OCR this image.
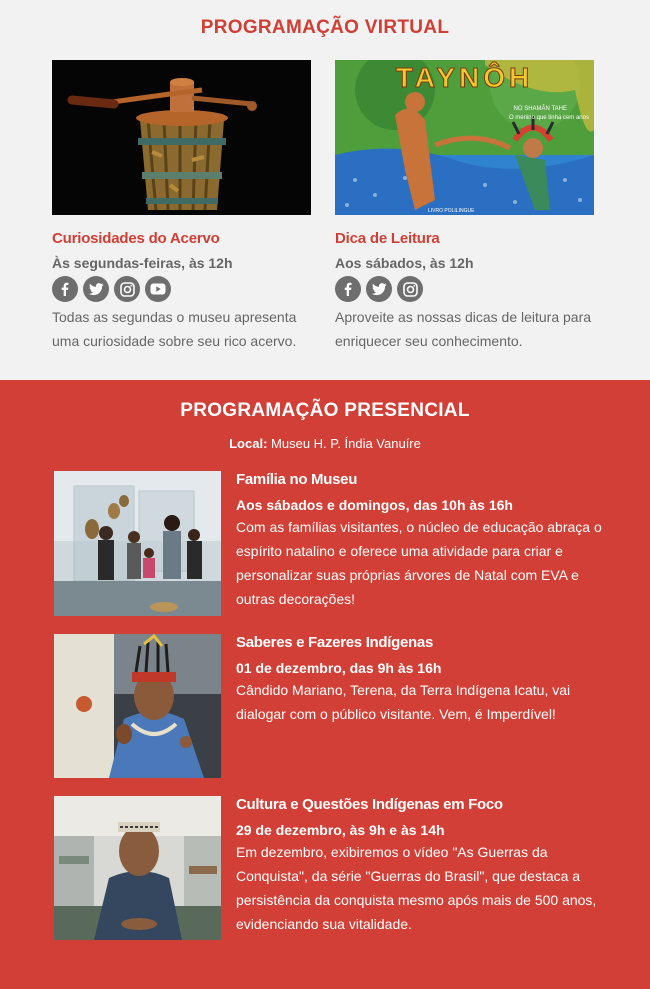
PROGRAMAÇÃO VIRTUAL
Curiosidades do Acervo
Às segundas-feiras, às 12h
Todas as segundas o museu apresenta uma curiosidade sobre seu rico acervo.
TAYNÔH
NO SHAMÃN TAHE
O menino que tinha cem anos
LIVRO POLILINGUE
Dica de Leitura
Aos sábados, às 12h
Aproveite as nossas dicas de leitura para enriquecer seu conhecimento.
PROGRAMAÇÃO PRESENCIAL
Local: Museu H. P. Índia Vanuíre
Família no Museu
Aos sábados e domingos, das 10h às 16h
Com as famílias visitantes, o núcleo de educação abraça o espírito natalino e oferece uma atividade para criar e personalizar suas próprias árvores de Natal com EVA e outras decorações!
Saberes e Fazeres Indígenas
01 de dezembro, das 9h às 16h
Cândido Mariano, Terena, da Terra Indígena Icatu, vai dialogar com o público visitante. Vem, é Imperdível!
Cultura e Questões Indígenas em Foco
29 de dezembro, às 9h e às 14h
Em dezembro, exibiremos o vídeo "As Guerras da Conquista", da série "Guerras do Brasil", que destaca a persistência da conquista mesmo após mais de 500 anos, evidenciando sua vitalidade.
